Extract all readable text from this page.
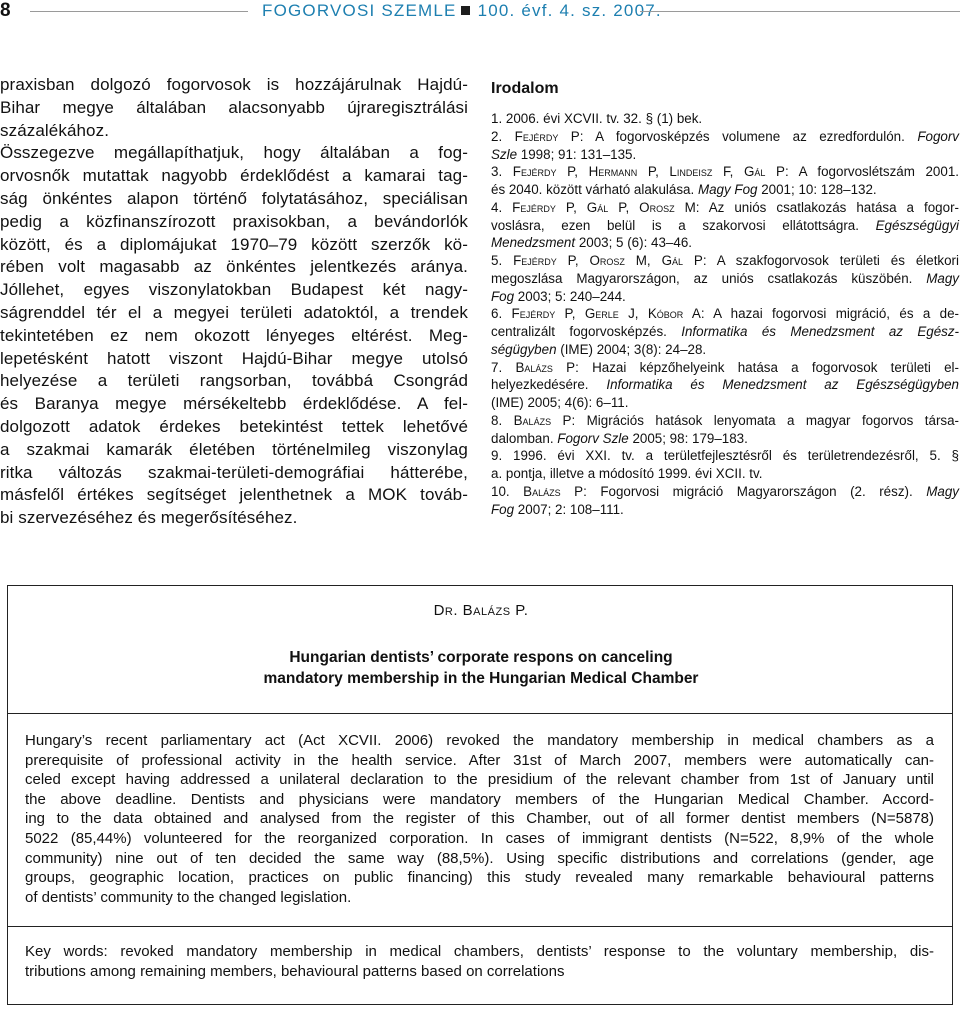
8	FOGORVOSI SZEMLE 100. évf. 4. sz. 2007.

praxisban dolgozó fogorvosok is hozzájárulnak Hajdú-

Bihar megye általában alacsonyabb újraregisztrálási

százalékához.

Összegezve megállapíthatjuk, hogy általában a fog-

orvosnők mutattak nagyobb érdeklődést a kamarai tag-

ság önkéntes alapon történő folytatásához, speciálisan

pedig a közfinanszírozott praxisokban, a bevándorlók

között, és a diplomájukat 1970–79 között szerzők kö-

rében volt magasabb az önkéntes jelentkezés aránya.

Jóllehet, egyes viszonylatokban Budapest két nagy-

ságrenddel tér el a megyei területi adatoktól, a trendek

tekintetében ez nem okozott lényeges eltérést. Meg-

lepetésként hatott viszont Hajdú-Bihar megye utolsó

helyezése a területi rangsorban, továbbá Csongrád

és Baranya megye mérsékeltebb érdeklődése. A fel-

dolgozott adatok érdekes betekintést tettek lehetővé

a szakmai kamarák életében történelmileg viszonylag

ritka változás szakmai-területi-demográfiai hátterébe,

másfelől értékes segítséget jelenthetnek a MOK továb-

bi szervezéséhez és megerősítéséhez.

Irodalom
1. 2006. évi XCVII. tv. 32. § (1) bek.
2. Fejérdy P: A fogorvosképzés volumene az ezredfordulón. Fogorv
Szle 1998; 91: 131–135.
3. Fejérdy P, Hermann P, Lindeisz F, Gál P: A fogorvoslétszám 2001.
és 2040. között várható alakulása. Magy Fog 2001; 10: 128–132.
4. Fejérdy P, Gál P, Orosz M: Az uniós csatlakozás hatása a fogor-
voslásra, ezen belül is a szakorvosi ellátottságra. Egészségügyi
Menedzsment 2003; 5 (6): 43–46.
5. Fejérdy P, Orosz M, Gál P: A szakfogorvosok területi és életkori
megoszlása Magyarországon, az uniós csatlakozás küszöbén. Magy
Fog 2003; 5: 240–244.
6. Fejérdy P, Gerle J, Kóbor A: A hazai fogorvosi migráció, és a de-
centralizált fogorvosképzés. Informatika és Menedzsment az Egész-
ségügyben (IME) 2004; 3(8): 24–28.
7. Balázs P: Hazai képzőhelyeink hatása a fogorvosok területi el-
helyezkedésére. Informatika és Menedzsment az Egészségügyben
(IME) 2005; 4(6): 6–11.
8. Balázs P: Migrációs hatások lenyomata a magyar fogorvos társa-
dalomban. Fogorv Szle 2005; 98: 179–183.
9. 1996. évi XXI. tv. a területfejlesztésről és területrendezésről, 5. §
a. pontja, illetve a módosító 1999. évi XCII. tv.
10. Balázs P: Fogorvosi migráció Magyarországon (2. rész). Magy
Fog 2007; 2: 108–111.
Dr. Balázs P.
Hungarian dentists’ corporate respons on canceling
mandatory membership in the Hungarian Medical Chamber
Hungary’s recent parliamentary act (Act XCVII. 2006) revoked the mandatory membership in medical chambers as a
prerequisite of professional activity in the health service. After 31st of March 2007, members were automatically can-
celed except having addressed a unilateral declaration to the presidium of the relevant chamber from 1st of January until
the above deadline. Dentists and physicians were mandatory members of the Hungarian Medical Chamber. Accord-
ing to the data obtained and analysed from the register of this Chamber, out of all former dentist members (N=5878)
5022 (85,44%) volunteered for the reorganized corporation. In cases of immigrant dentists (N=522, 8,9% of the whole
community) nine out of ten decided the same way (88,5%). Using specific distributions and correlations (gender, age
groups, geographic location, practices on public financing) this study revealed many remarkable behavioural patterns
of dentists’ community to the changed legislation.
Key words: revoked mandatory membership in medical chambers, dentists’ response to the voluntary membership, dis-
tributions among remaining members, behavioural patterns based on correlations
